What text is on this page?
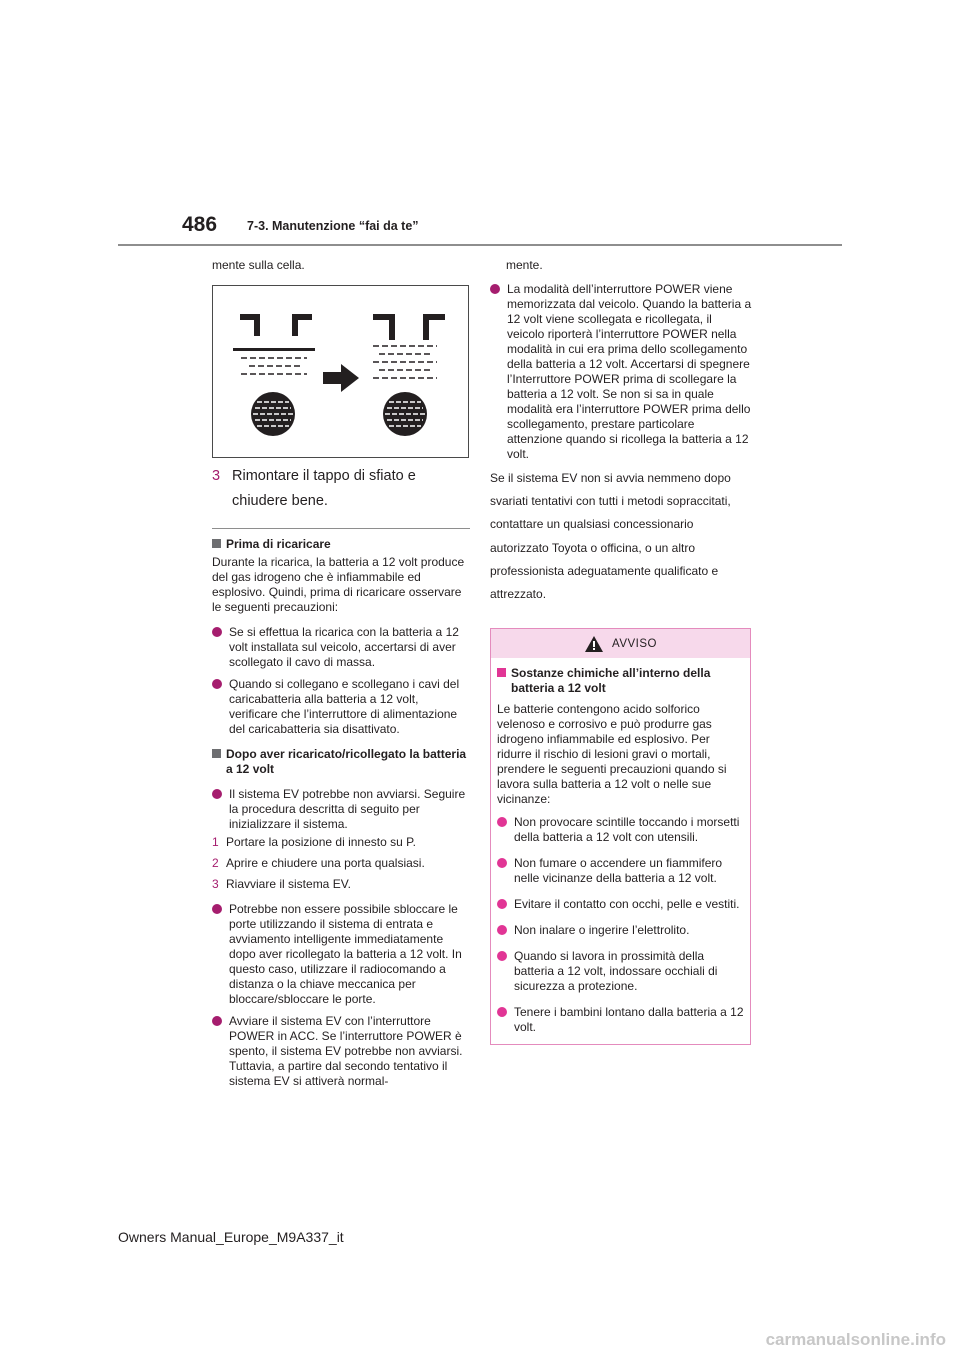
486 7-3. Manutenzione “fai da te”

mente sulla cella.

3 Rimontare il tappo di sfiato e chiudere bene.
Prima di ricaricare

Durante la ricarica, la batteria a 12 volt produce del gas idrogeno che è infiammabile ed esplosivo. Quindi, prima di ricaricare osservare le seguenti precauzioni:

Se si effettua la ricarica con la batteria a 12 volt installata sul veicolo, accertarsi di aver scollegato il cavo di massa.
Quando si collegano e scollegano i cavi del caricabatteria alla batteria a 12 volt, verificare che l’interruttore di alimentazione del caricabatteria sia disattivato.
Dopo aver ricaricato/ricollegato la batteria a 12 volt
Il sistema EV potrebbe non avviarsi. Seguire la procedura descritta di seguito per inizializzare il sistema.
1 Portare la posizione di innesto su P.
2 Aprire e chiudere una porta qualsiasi.
3 Riavviare il sistema EV.
Potrebbe non essere possibile sbloccare le porte utilizzando il sistema di entrata e avviamento intelligente immediatamente dopo aver ricollegato la batteria a 12 volt. In questo caso, utilizzare il radiocomando a distanza o la chiave meccanica per bloccare/sbloccare le porte.
Avviare il sistema EV con l’interruttore POWER in ACC. Se l’interruttore POWER è spento, il sistema EV potrebbe non avviarsi. Tuttavia, a partire dal secondo tentativo il sistema EV si attiverà normal-

mente.

La modalità dell’interruttore POWER viene memorizzata dal veicolo. Quando la batteria a 12 volt viene scollegata e ricollegata, il veicolo riporterà l’interruttore POWER nella modalità in cui era prima dello scollegamento della batteria a 12 volt. Accertarsi di spegnere l’Interruttore POWER prima di scollegare la batteria a 12 volt. Se non si sa in quale modalità era l’interruttore POWER prima dello scollegamento, prestare particolare attenzione quando si ricollega la batteria a 12 volt.

Se il sistema EV non si avvia nemmeno dopo svariati tentativi con tutti i metodi sopraccitati, contattare un qualsiasi concessionario autorizzato Toyota o officina, o un altro professionista adeguatamente qualificato e attrezzato.

AVVISO
Sostanze chimiche all’interno della batteria a 12 volt

Le batterie contengono acido solforico velenoso e corrosivo e può produrre gas idrogeno infiammabile ed esplosivo. Per ridurre il rischio di lesioni gravi o mortali, prendere le seguenti precauzioni quando si lavora sulla batteria a 12 volt o nelle sue vicinanze:

Non provocare scintille toccando i morsetti della batteria a 12 volt con utensili.
Non fumare o accendere un fiammifero nelle vicinanze della batteria a 12 volt.
Evitare il contatto con occhi, pelle e vestiti.
Non inalare o ingerire l’elettrolito.
Quando si lavora in prossimità della batteria a 12 volt, indossare occhiali di sicurezza a protezione.
Tenere i bambini lontano dalla batteria a 12 volt.
Owners Manual_Europe_M9A337_it
carmanualsonline.info
